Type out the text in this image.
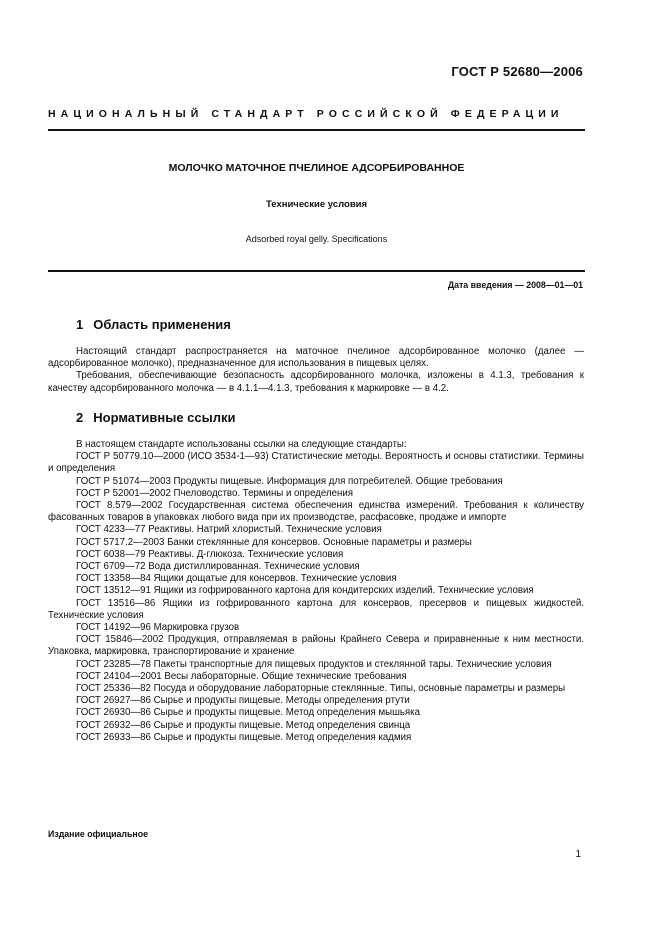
ГОСТ Р 52680—2006
НАЦИОНАЛЬНЫЙ СТАНДАРТ РОССИЙСКОЙ ФЕДЕРАЦИИ
МОЛОЧКО МАТОЧНОЕ ПЧЕЛИНОЕ АДСОРБИРОВАННОЕ
Технические условия
Adsorbed royal gelly. Specifications
Дата введения — 2008—01—01
1 Область применения

Настоящий стандарт распространяется на маточное пчелиное адсорбированное молочко (далее — адсорбированное молочко), предназначенное для использования в пищевых целях.

Требования, обеспечивающие безопасность адсорбированного молочка, изложены в 4.1.3, требования к качеству адсорбированного молочка — в 4.1.1—4.1.3, требования к маркировке — в 4.2.

2 Нормативные ссылки

В настоящем стандарте использованы ссылки на следующие стандарты:

ГОСТ Р 50779.10—2000 (ИСО 3534-1—93) Статистические методы. Вероятность и основы статистики. Термины и определения

ГОСТ Р 51074—2003 Продукты пищевые. Информация для потребителей. Общие требования

ГОСТ Р 52001—2002 Пчеловодство. Термины и определения

ГОСТ 8.579—2002 Государственная система обеспечения единства измерений. Требования к количеству фасованных товаров в упаковках любого вида при их производстве, расфасовке, продаже и импорте

ГОСТ 4233—77 Реактивы. Натрий хлористый. Технические условия

ГОСТ 5717.2—2003 Банки стеклянные для консервов. Основные параметры и размеры

ГОСТ 6038—79 Реактивы. Д-глюкоза. Технические условия

ГОСТ 6709—72 Вода дистиллированная. Технические условия

ГОСТ 13358—84 Ящики дощатые для консервов. Технические условия

ГОСТ 13512—91 Ящики из гофрированного картона для кондитерских изделий. Технические условия

ГОСТ 13516—86 Ящики из гофрированного картона для консервов, пресервов и пищевых жидкостей. Технические условия

ГОСТ 14192—96 Маркировка грузов

ГОСТ 15846—2002 Продукция, отправляемая в районы Крайнего Севера и приравненные к ним местности. Упаковка, маркировка, транспортирование и хранение

ГОСТ 23285—78 Пакеты транспортные для пищевых продуктов и стеклянной тары. Технические условия

ГОСТ 24104—2001 Весы лабораторные. Общие технические требования

ГОСТ 25336—82 Посуда и оборудование лабораторные стеклянные. Типы, основные параметры и размеры

ГОСТ 26927—86 Сырье и продукты пищевые. Методы определения ртути

ГОСТ 26930—86 Сырье и продукты пищевые. Метод определения мышьяка

ГОСТ 26932—86 Сырье и продукты пищевые. Метод определения свинца

ГОСТ 26933—86 Сырье и продукты пищевые. Метод определения кадмия

Издание официальное
1
